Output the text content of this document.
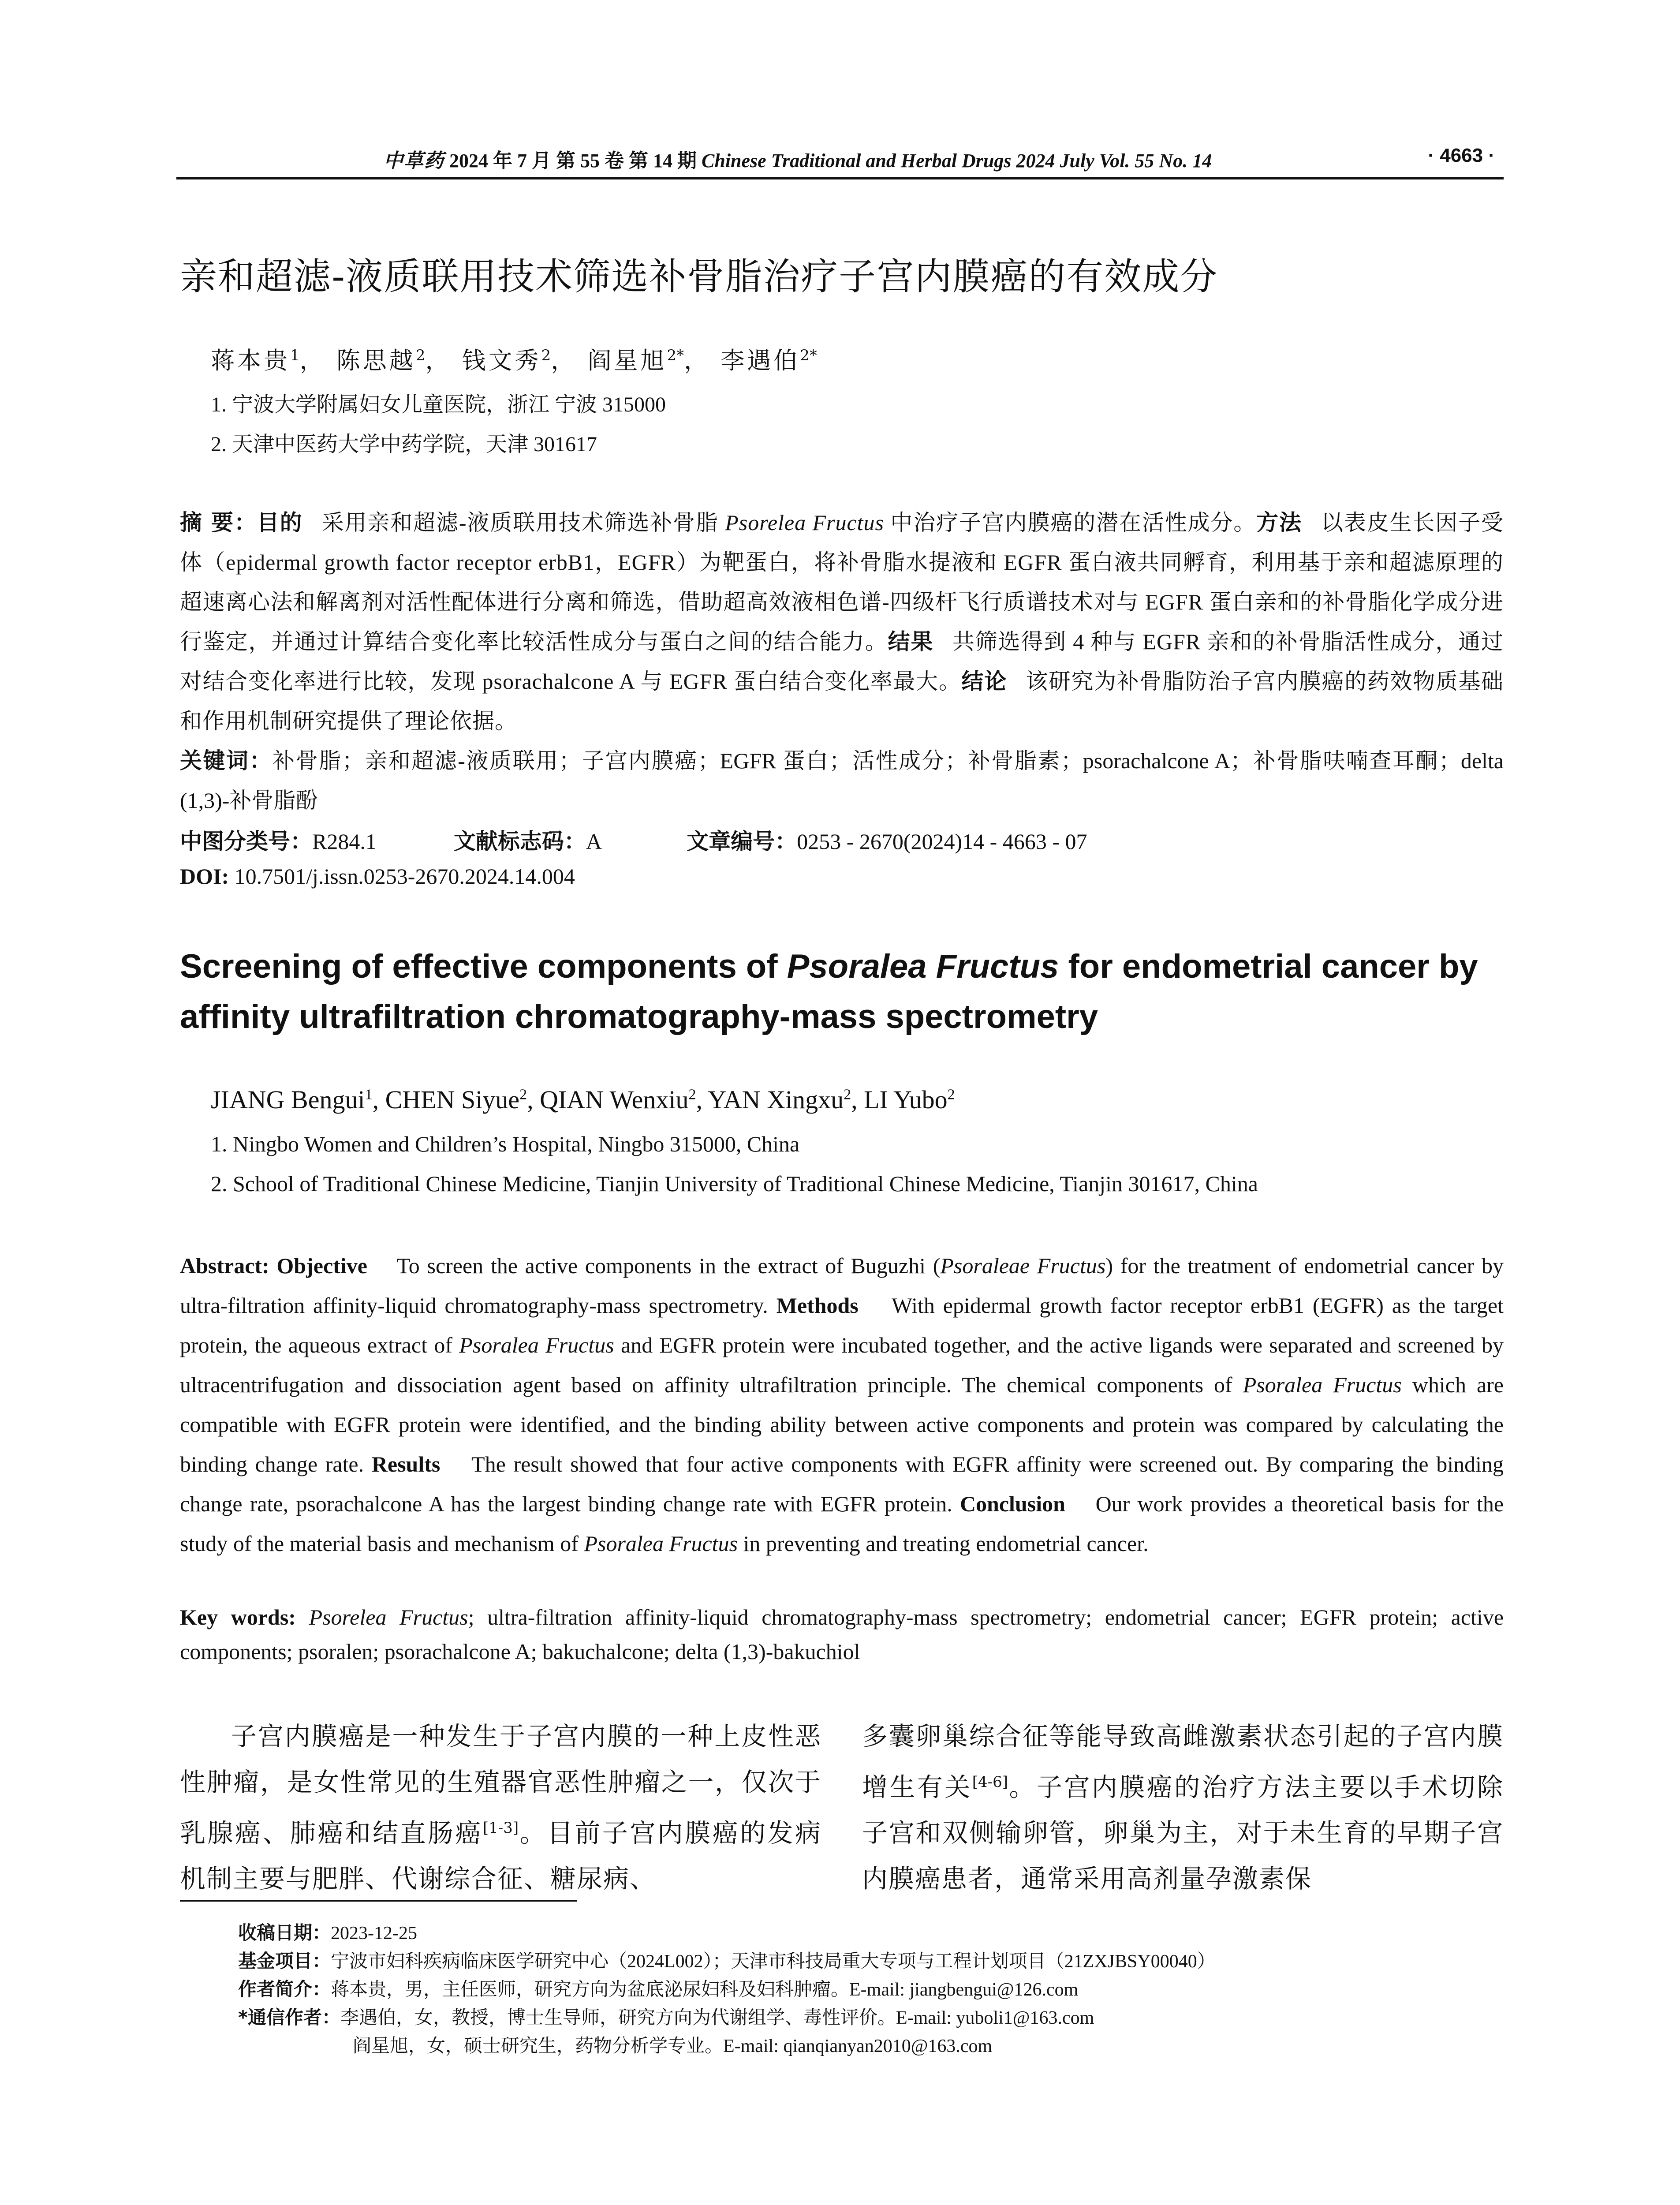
中草药 2024 年 7 月 第 55 卷 第 14 期 Chinese Traditional and Herbal Drugs 2024 July Vol. 55 No. 14	· 4663 ·
亲和超滤-液质联用技术筛选补骨脂治疗子宫内膜癌的有效成分
蒋本贵$^1$， 陈思越$^2$， 钱文秀$^2$， 阎星旭$^{2*}$， 李遇伯$^{2*}$
1. 宁波大学附属妇女儿童医院，浙江 宁波 315000
2. 天津中医药大学中药学院，天津 301617
摘 要：目的 采用亲和超滤-液质联用技术筛选补骨脂 Psorelea Fructus 中治疗子宫内膜癌的潜在活性成分。方法 以表皮生长因子受体（epidermal growth factor receptor erbB1，EGFR）为靶蛋白，将补骨脂水提液和 EGFR 蛋白液共同孵育，利用基于亲和超滤原理的超速离心法和解离剂对活性配体进行分离和筛选，借助超高效液相色谱-四级杆飞行质谱技术对与 EGFR 蛋白亲和的补骨脂化学成分进行鉴定，并通过计算结合变化率比较活性成分与蛋白之间的结合能力。结果 共筛选得到 4 种与 EGFR 亲和的补骨脂活性成分，通过对结合变化率进行比较，发现 psorachalcone A 与 EGFR 蛋白结合变化率最大。结论 该研究为补骨脂防治子宫内膜癌的药效物质基础和作用机制研究提供了理论依据。
关键词：补骨脂；亲和超滤-液质联用；子宫内膜癌；EGFR 蛋白；活性成分；补骨脂素；psorachalcone A；补骨脂呋喃查耳酮；delta (1,3)-补骨脂酚
中图分类号：R284.1	文献标志码：A	文章编号：0253 - 2670(2024)14 - 4663 - 07
DOI: 10.7501/j.issn.0253-2670.2024.14.004
Screening of effective components of Psoralea Fructus for endometrial cancer by affinity ultrafiltration chromatography-mass spectrometry
JIANG Bengui$^1$, CHEN Siyue$^2$, QIAN Wenxiu$^2$, YAN Xingxu$^2$, LI Yubo$^2$
1. Ningbo Women and Children’s Hospital, Ningbo 315000, China
2. School of Traditional Chinese Medicine, Tianjin University of Traditional Chinese Medicine, Tianjin 301617, China
Abstract: Objective To screen the active components in the extract of Buguzhi (Psoraleae Fructus) for the treatment of endometrial cancer by ultra-filtration affinity-liquid chromatography-mass spectrometry. Methods With epidermal growth factor receptor erbB1 (EGFR) as the target protein, the aqueous extract of Psoralea Fructus and EGFR protein were incubated together, and the active ligands were separated and screened by ultracentrifugation and dissociation agent based on affinity ultrafiltration principle. The chemical components of Psoralea Fructus which are compatible with EGFR protein were identified, and the binding ability between active components and protein was compared by calculating the binding change rate. Results The result showed that four active components with EGFR affinity were screened out. By comparing the binding change rate, psorachalcone A has the largest binding change rate with EGFR protein. Conclusion Our work provides a theoretical basis for the study of the material basis and mechanism of Psoralea Fructus in preventing and treating endometrial cancer.
Key words: Psorelea Fructus; ultra-filtration affinity-liquid chromatography-mass spectrometry; endometrial cancer; EGFR protein; active components; psoralen; psorachalcone A; bakuchalcone; delta (1,3)-bakuchiol

子宫内膜癌是一种发生于子宫内膜的一种上皮性恶性肿瘤，是女性常见的生殖器官恶性肿瘤之一，仅次于乳腺癌、肺癌和结直肠癌[1-3]。目前子宫内膜癌的发病机制主要与肥胖、代谢综合征、糖尿病、

多囊卵巢综合征等能导致高雌激素状态引起的子宫内膜增生有关[4-6]。子宫内膜癌的治疗方法主要以手术切除子宫和双侧输卵管，卵巢为主，对于未生育的早期子宫内膜癌患者，通常采用高剂量孕激素保

收稿日期：2023-12-25
基金项目：宁波市妇科疾病临床医学研究中心（2024L002）；天津市科技局重大专项与工程计划项目（21ZXJBSY00040）
作者简介：蒋本贵，男，主任医师，研究方向为盆底泌尿妇科及妇科肿瘤。E-mail: jiangbengui@126.com
*通信作者：李遇伯，女，教授，博士生导师，研究方向为代谢组学、毒性评价。E-mail: yuboli1@163.com
阎星旭，女，硕士研究生，药物分析学专业。E-mail: qianqianyan2010@163.com
